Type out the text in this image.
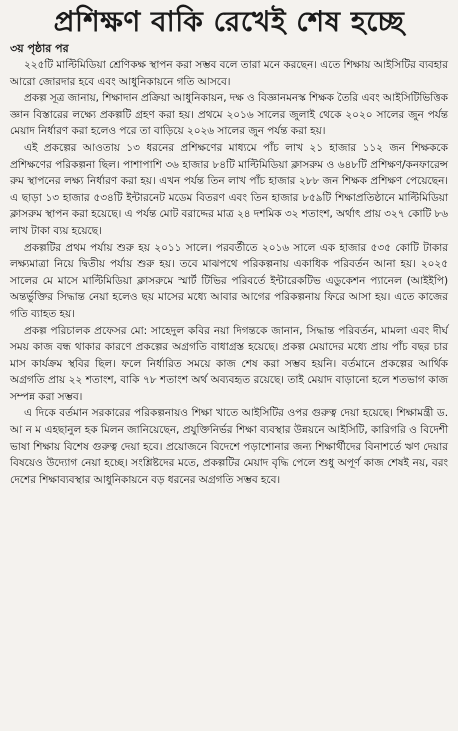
প্রশিক্ষণ বাকি রেখেই শেষ হচ্ছে
৩য় পৃষ্ঠার পর

২২৫টি মাল্টিমিডিয়া শ্রেণিকক্ষ স্থাপন করা সম্ভব বলে তারা মনে করছেন। এতে শিক্ষায় আইসিটির ব্যবহার আরো জোরদার হবে এবং আধুনিকায়নে গতি আসবে।

প্রকল্প সূত্র জানায়, শিক্ষাদান প্রক্রিয়া আধুনিকায়ন, দক্ষ ও বিজ্ঞানমনস্ক শিক্ষক তৈরি এবং আইসিটিভিত্তিক জ্ঞান বিস্তারের লক্ষ্যে প্রকল্পটি গ্রহণ করা হয়। প্রথমে ২০১৬ সালের জুলাই থেকে ২০২০ সালের জুন পর্যন্ত মেয়াদ নির্ধারণ করা হলেও পরে তা বাড়িয়ে ২০২৬ সালের জুন পর্যন্ত করা হয়।

এই প্রকল্পের আওতায় ১৩ ধরনের প্রশিক্ষণের মাধ্যমে পাঁচ লাখ ২১ হাজার ১১২ জন শিক্ষককে প্রশিক্ষণের পরিকল্পনা ছিল। পাশাপাশি ৩৬ হাজার ৮৪টি মাল্টিমিডিয়া ক্লাসরুম ও ৬৪৮টি প্রশিক্ষণ/কনফারেন্স রুম স্থাপনের লক্ষ্য নির্ধারণ করা হয়। এখন পর্যন্ত তিন লাখ পাঁচ হাজার ২৮৮ জন শিক্ষক প্রশিক্ষণ পেয়েছেন। এ ছাড়া ১৩ হাজার ৫৩৪টি ইন্টারনেট মডেম বিতরণ এবং তিন হাজার ৮৫৯টি শিক্ষাপ্রতিষ্ঠানে মাল্টিমিডিয়া ক্লাসরুম স্থাপন করা হয়েছে। এ পর্যন্ত মোট বরাদ্দের মাত্র ২৪ দশমিক ৩২ শতাংশ, অর্থাৎ প্রায় ৩২৭ কোটি ৮৬ লাখ টাকা ব্যয় হয়েছে।

প্রকল্পটির প্রথম পর্যায় শুরু হয় ২০১১ সালে। পরবর্তীতে ২০১৬ সালে এক হাজার ৫৩৫ কোটি টাকার লক্ষ্যমাত্রা নিয়ে দ্বিতীয় পর্যায় শুরু হয়। তবে মাঝপথে পরিকল্পনায় একাধিক পরিবর্তন আনা হয়। ২০২৫ সালের মে মাসে মাল্টিমিডিয়া ক্লাসরুমে স্মার্ট টিভির পরিবর্তে ইন্টারেকটিভ এডুকেশন প্যানেল (আইইপি) অন্তর্ভুক্তির সিদ্ধান্ত নেয়া হলেও ছয় মাসের মধ্যে আবার আগের পরিকল্পনায় ফিরে আসা হয়। এতে কাজের গতি ব্যাহত হয়।

প্রকল্প পরিচালক প্রফেসর মো: সাহেদুল কবির নয়া দিগন্তকে জানান, সিদ্ধান্ত পরিবর্তন, মামলা এবং দীর্ঘ সময় কাজ বন্ধ থাকার কারণে প্রকল্পের অগ্রগতি বাধাগ্রস্ত হয়েছে। প্রকল্প মেয়াদের মধ্যে প্রায় পাঁচ বছর চার মাস কার্যক্রম স্থবির ছিল। ফলে নির্ধারিত সময়ে কাজ শেষ করা সম্ভব হয়নি। বর্তমানে প্রকল্পের আর্থিক অগ্রগতি প্রায় ২২ শতাংশ, বাকি ৭৮ শতাংশ অর্থ অব্যবহৃত রয়েছে। তাই মেয়াদ বাড়ানো হলে শতভাগ কাজ সম্পন্ন করা সম্ভব।

এ দিকে বর্তমান সরকারের পরিকল্পনায়ও শিক্ষা খাতে আইসিটির ওপর গুরুত্ব দেয়া হয়েছে। শিক্ষামন্ত্রী ড. আ ন ম এহছানুল হক মিলন জানিয়েছেন, প্রযুক্তিনির্ভর শিক্ষা ব্যবস্থার উন্নয়নে আইসিটি, কারিগরি ও বিদেশী ভাষা শিক্ষায় বিশেষ গুরুত্ব দেয়া হবে। প্রয়োজনে বিদেশে পড়াশোনার জন্য শিক্ষার্থীদের বিনাশর্তে ঋণ দেয়ার বিষয়েও উদ্যোগ নেয়া হচ্ছে। সংশ্লিষ্টদের মতে, প্রকল্পটির মেয়াদ বৃদ্ধি পেলে শুধু অপূর্ণ কাজ শেষই নয়, বরং দেশের শিক্ষাব্যবস্থার আধুনিকায়নে বড় ধরনের অগ্রগতি সম্ভব হবে।
